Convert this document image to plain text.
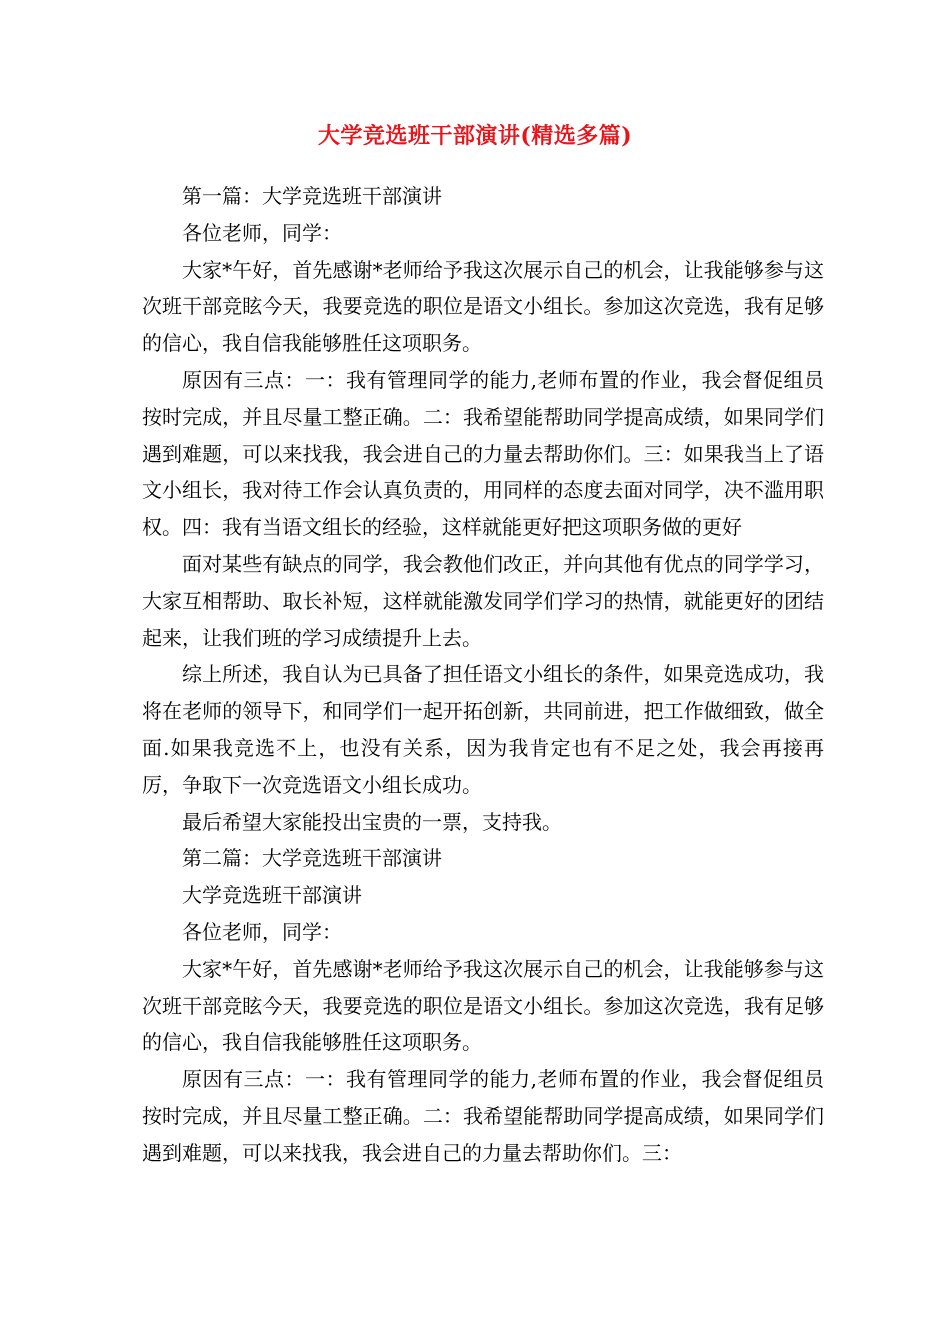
大学竞选班干部演讲(精选多篇)

第一篇：大学竞选班干部演讲

各位老师，同学：

大家*午好，首先感谢*老师给予我这次展示自己的机会，让我能够参与这次班干部竞眩今天，我要竞选的职位是语文小组长。参加这次竞选，我有足够的信心，我自信我能够胜任这项职务。

原因有三点：一：我有管理同学的能力,老师布置的作业，我会督促组员按时完成，并且尽量工整正确。二：我希望能帮助同学提高成绩，如果同学们遇到难题，可以来找我，我会进自己的力量去帮助你们。三：如果我当上了语文小组长，我对待工作会认真负责的，用同样的态度去面对同学，决不滥用职权。四：我有当语文组长的经验，这样就能更好把这项职务做的更好

面对某些有缺点的同学，我会教他们改正，并向其他有优点的同学学习，大家互相帮助、取长补短，这样就能激发同学们学习的热情，就能更好的团结起来，让我们班的学习成绩提升上去。

综上所述，我自认为已具备了担任语文小组长的条件，如果竞选成功，我将在老师的领导下，和同学们一起开拓创新，共同前进，把工作做细致，做全面.如果我竞选不上，也没有关系，因为我肯定也有不足之处，我会再接再厉，争取下一次竞选语文小组长成功。

最后希望大家能投出宝贵的一票，支持我。

第二篇：大学竞选班干部演讲

大学竞选班干部演讲

各位老师，同学：

大家*午好，首先感谢*老师给予我这次展示自己的机会，让我能够参与这次班干部竞眩今天，我要竞选的职位是语文小组长。参加这次竞选，我有足够的信心，我自信我能够胜任这项职务。

原因有三点：一：我有管理同学的能力,老师布置的作业，我会督促组员按时完成，并且尽量工整正确。二：我希望能帮助同学提高成绩，如果同学们遇到难题，可以来找我，我会进自己的力量去帮助你们。三：
